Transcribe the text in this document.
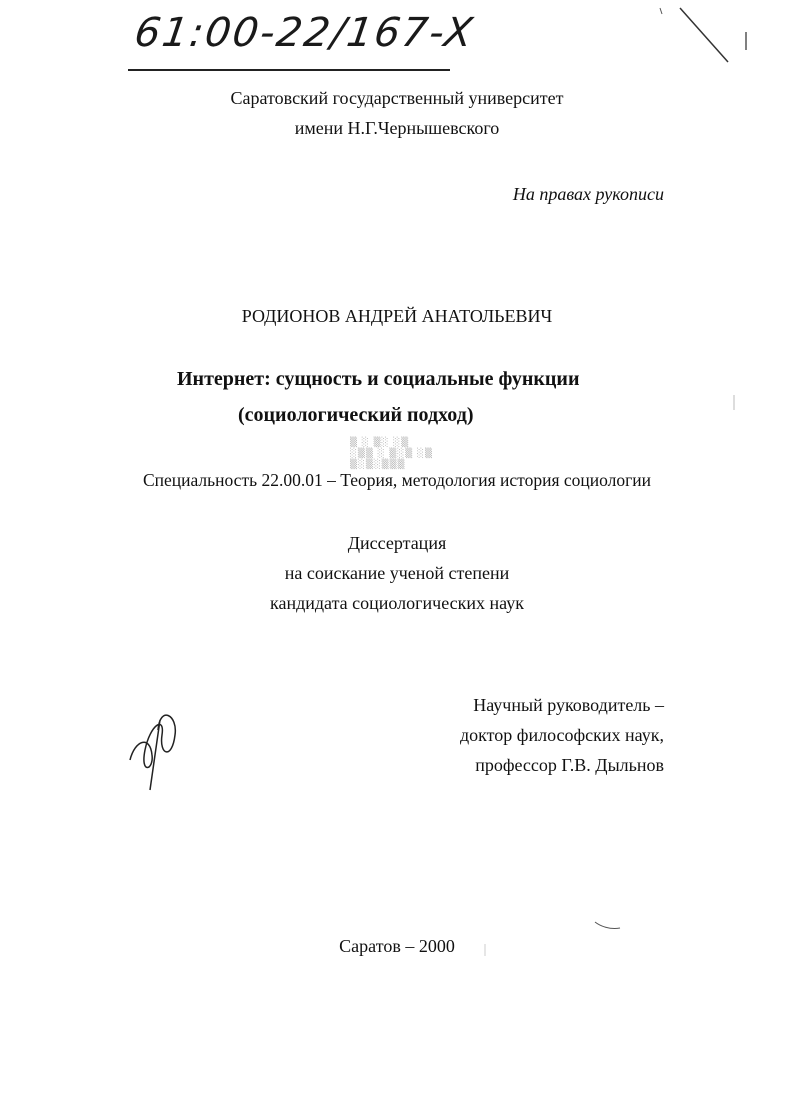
61:00-22/167-X
Саратовский государственный университет
имени Н.Г.Чернышевского
На правах рукописи
РОДИОНОВ АНДРЕЙ АНАТОЛЬЕВИЧ
Интернет: сущность и социальные функции
(социологический подход)
▒ ░ ▒░ ░▒
░▒▒ ░ ▒░▒ ░▒
▒░▒░▒▒▒
Специальность 22.00.01 – Теория, методология история социологии
Диссертация
на соискание ученой степени
кандидата социологических наук
Научный руководитель –
доктор философских наук,
профессор Г.В. Дыльнов
Саратов – 2000
